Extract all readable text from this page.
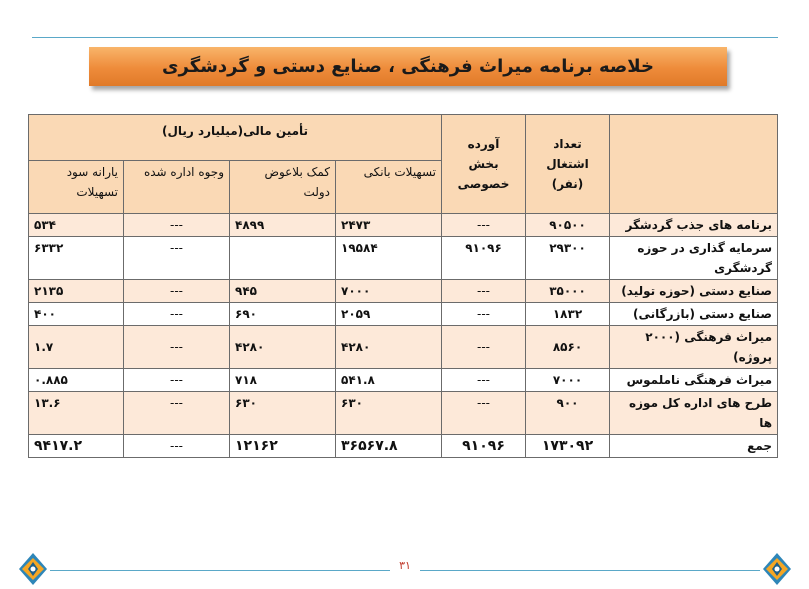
خلاصه برنامه میراث فرهنگی ، صنایع دستی و گردشگری
	تعداد اشتغال (نفر)	آورده بخش خصوصی	تأمین مالی(میلیارد ریال)			
			تسهیلات بانکی	کمک بلاعوض دولت	وجوه اداره شده	یارانه سود تسهیلات
برنامه های جذب گردشگر	۹۰۵۰۰	---	۲۴۷۳	۴۸۹۹	---	۵۳۴
سرمایه گذاری در حوزه گردشگری	۲۹۳۰۰	۹۱۰۹۶	۱۹۵۸۴		---	۶۳۳۲
صنایع دستی (حوزه تولید)	۳۵۰۰۰	---	۷۰۰۰	۹۴۵	---	۲۱۳۵
صنایع دستی (بازرگانی)	۱۸۳۲	---	۲۰۵۹	۶۹۰	---	۴۰۰
میراث فرهنگی (۲۰۰۰ پروژه)	۸۵۶۰	---	۴۲۸۰	۴۲۸۰	---	۱.۷
میراث فرهنگی ناملموس	۷۰۰۰	---	۵۴۱.۸	۷۱۸	---	۰.۸۸۵
طرح های اداره کل موزه ها	۹۰۰	---	۶۳۰	۶۳۰	---	۱۳.۶
جمع	۱۷۳۰۹۲	۹۱۰۹۶	۳۶۵۶۷.۸	۱۲۱۶۲	---	۹۴۱۷.۲
۳۱
